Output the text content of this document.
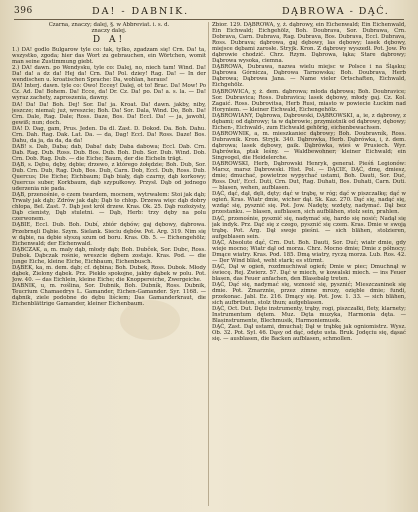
396	DA! - DABNIK.	DĄBROWA - DĄĆ.

Czarna, znaczy; dalej, §. w Abbreviat. i. s. d.

znaczy dalej.

D A!

1.) DA! godlo Bulgarow tyle co: tak, tylko, zgadzam się! Crn. Da! ta, wszystko, zgoda; hier das Wort zu gebrauchen, ein Wörtchen, womit man seine Zustimmung giebt.

2.) DA! dawn. po Wendysku, tyle co: Dalej, no, niech tam! Wind. Da! Da! da! a dz da! Hej da! Crn. Da! Pol. dziey! Rag. Da! — In der wendischen u. kroatischen Sprache: Da, wohlan, heraus!

DA! Interj. dawn. tyle co: Owo! Eccey! Dalej, ot to! Brac. Da! Mow! Po Cz. Ad. Da! Bohem. Da! Ecce, da! Dr. Cz. Da! po. Da! a. s. la. — Da! wyraz zachety, zaproszenia, dawny.

DA! Da! Da! Boh. Dej! Sor. Da! ja. Kroat. Da! dawn. jakby, niby, jeszcze; niemal; już, wreszcie; Boh. Da! Sor. Dala, Wind. Do, Boh. Da! Crn. Dale, Rag. Dale; Ross. Daze, Bos. Da! Eccl. Da! — ja, jawohl, gewiß; nun; doch.

DA! D. Dag, gam, Prus. Jeden. Da dl. Zast. D. Dokod. Da. Boh. Dahu. Crn. Dah. Rag. Dak. Lat. Da. — da, Dag! Eccl. Da! Ross. Daze! Bos. Dahu, da ja, da da, da da!

DAB! s. Dab, Daba; dab, Daba! dab; Daba dabowa; Eccl. Dab. Crn. Dab. Rag. Dub. Ross. Dub. Bos. Dub. Boh. Dub. Sor. Dub. Wind. Dob. Crn. Dob. Rag. Dub. — die Eiche; Baum, der die Eicheln trägt.

DĄB, s. Dębu, dęby, dębie; drzewo, z którego żołędzie; Boh. Dub, Sor. Dub. Crn. Dub, Rag. Dub, Bos. Dub, Carn. Dob, Eccl. Dub, Ross. Dub. Quercus; Die Eiche; Eichbaum; Dąb biały, dąb czarny, dąb korkowy; Quercus suber, Korkbaum, dąb szypułkowy. Przysł. Dąb od jednego uderzenia nie pada.

DĄB, przenośnie, o czem twardem, mocnem, wytrwałem: Stoi jak dąb; Trwały jak dąb; Zdrów jak dąb; Dąb to chłop. Drzewa więc dąb dobry chłopa, Bel. Zast. 7. Dąb jest król drzew. Kras. Ok. 25. Dąb rozłożysty, Dąb cienisty, Dąb stuletni. — Dąb, Herb: trzy dęby na polu czerwonem.

DĄBIE, Eccl. Dub. Boh. Dubí, zbiór dębów; gaj dębowy, dąbrowa. Przebrnęli Dąbie. Szym. Sielank. Sieciu dębów. Pot. Arg. 319. Nim się w dąbie, na dębie słyszą szum od boru. Kras. Ob. 5. — Eichengehölz; Eichenwald; der Eichenwald.

DĄBCZAK, a, m. maly dąb, młody dąb; Boh. Dubček, Sor. Dubc, Ross. Dubok. Dąbczak rośnie, wreszcie dębem zostaje. Kras. Pod. — die junge Eiche, kleine Eiche, Eichbaum, Eichenbusch.

DĄBEK, ka, m. dem. dąb; cf. dębina; Boh. Dubek, Ross. Dubok. Młody dąbek, Zielony dąbek. Prz. Piekło spokojne, jakby dąbek w polu. Pot. Jow. 40. — das Eichlein, kleine Eiche; die Knoppereiche, Zwergeiche.

DABNIK, u, m. roślina, Sor. Dubnik, Boh. Dubník, Ross. Dubnik, Teucrium Chamaedrys L. Gamander, Eichen-Gamander. Syr. 1168. — dąbnik, ziele podobne do dębu liściem; Das Gamanderkraut, die Eichenblättrige Gamander, kleiner Eichenbaum.

Zbior. 129. DĄBROWA, y, ż. dąbrowy, ein Eichenwald; Ein Eichenwald, Ein Eichwald; Eichgehölz, Boh. Doubrava, Sor. Dubrawa, Crn. Dobrava, Carn. Dubrava, Rag. Dubrava, Bos. Dubrava, Eccl. Dubrava, Ross. Dubrava; dąbrowa, gaj dębowy, las dębowy; lasek dębowy, miejsce dębami zarosłe. Stryjk. Kron. Z dąbrowy wyszedł. Pot. Jow. Po dąbrowie chodzić. Chrz. Rzym. Dąbrowa, łąka; Stare dąbrowy; Dąbrowa wysoka, ciemna.

DĄBROWA, Dubrawa, nazwa wielu miejsc w Polsce i na Śląsku; Dąbrowa Górnicza, Dąbrowa Tarnowska; Boh. Doubrava, Herb Dąbrowa; Dąbrowa Jana. — Name vieler Ortschaften, Eichwald, Eichgehölz.

DĄBROWICA, y, ż. dem. dąbrowa; młoda dąbrowa; Boh. Doubravice; Sor. Dubravica; Ross. Dubravica; lasek dębowy, młody gaj. Cz. Kol. Zagaić. Ross. Dubrovitsa, Herb Rusi, miasto w powiecie Łuckim nad Horyniem. — kleiner Eichwald, Eichengehölz.

DĄBROWIANY, Dąbrowa, Dąbrowski, DĄBROWSKI, a, ie, z dąbrowy, z dębami; od dąbrowy; ta w dąbrowie; przymiotnik od dąbrowy, dębowy; Eichen-, Eichwald-, zum Eichwald gehörig, eichenbewachsen.

DĄBROWNIK, a, m. mieszkaniec dąbrowy; Boh. Doubravník, Ross. Dubravnik. Kron. Stryjk. 340. Dąbrowka, Herb. Dąbrówka, i, ż. dem. dąbrowa; lasek dębowy, gaik. Dąbrówka, wieś w Prusiech. Wyr. Dąbrówka, ptak leśny. — Waldbewohner; kleiner Eichwald; ein Singvogel, die Heidelerche.

DĄBROWSKI, Herb, Dąbrowski Henryk, generał. Pieśń Legionów: Marsz, marsz Dąbrowski. Hist. Pol. — DĄCIE, DĄĆ, dmę, dmiesz, dmie; dmuchać, powietrze wypychać ustami, Boh. Dauti, Sor. Duć, Ross. Dut', Eccl. Duti, Crn. Dut, Rag. Duhati, Bos. Duhati, Carn. Duti. — blasen, wehen, aufblasen.

DĄĆ, dąć, dął, dęli, dęty; dąć w trąbę, w róg; dąć w piszczałkę; dąć w ogień. Kras. Wiatr dmie, wicher dął. Sk. Kaz. 270. Dąć się, nadąć się, wzdąć się, pysznić się. Pot. Jow. Nadęty, wzdęty, nadymać. Dął bez przestanku. — blasen, aufblasen, sich aufblähen, stolz sein, prahlen.

DĄĆ, przenośnie, pysznić się, nadymać się, hardo się nosić; Nadął się jak indyk. Prz. Dąć się z czego, pysznić się czem. Kras. Dmie w swoją trąbę. Pot. Arg. Dął swoje pieśni. — sich blähen, stolzieren, aufgeblasen sein.

DĄĆ, Absolute dąć, Crn. Dut. Boh. Dauti, Sor. Duć; wiatr dmie, gdy wieje mocno; Wiatr dął od morza. Chrz. Mocno dmie; Dmie z północy; Dmące wiatry. Kras. Pod. 185. Dmą wiatry, ryczą morza. Lub. Ros. 42. — Der Wind bläst, weht stark; es stürmt.

DĄĆ, Dął w ogień, rozdmuchiwał ogień; Dmie w piec; Dmuchnął w świecę. Rej. Zwierz. 57. Dąć w miech, w kowalski miech. — ins Feuer blasen, das Feuer anfachen, den Blasebalg treten.

DĄĆ, Dąć się, nadymać się, wznosić się, pysznić; Mieszczaninek się dmie. Pot. Zmarznie, przez zimne mrozy, ozięble dmie; fundi, przekonac. Jabl. Ez. 216. Dmący się. Pot. Jow. 1. 33. — sich blähen, sich aufbrüsten, stolz thun; aufgeblasen.

DĄĆ, Oct. Dut. Dęte instrumenty, trąby, rogi, piszczałki, flety, klarnety; Instrumentum dętem. Muz. Dęta muzyka, Harmonia dęta. — Blasinstrumente, Blechmusik, Harmoniemusik.

DĄĆ, Zast. Dął ustami, dmuchał; Dął w trąbkę jak ogniomistrz. Wysz. Ob. 32. Pot. Syl. 46. Dąsy od dąć, odęte usta. Bruk. Jodęciu się, dąsać się. — ausblasen, die Backen aufblasen, schmollen.
